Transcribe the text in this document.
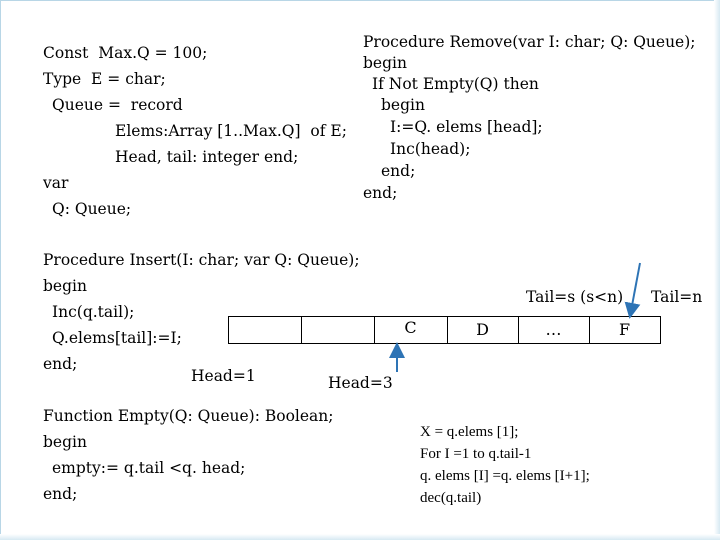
Const  Max.Q = 100;
Type  E = char;
Queue =  record
Elems:Array [1..Max.Q]  of E;
Head, tail: integer end;
var
Q: Queue;
Procedure Remove(var I: char; Q: Queue);
begin
If Not Empty(Q) then
begin
I:=Q. elems [head];
Inc(head);
end;
end;
Procedure Insert(I: char; var Q: Queue);
begin
Inc(q.tail);
Q.elems[tail]:=I;
end;
Tail=s (s<n) Tail=n
C	D	…	F
Head=1	Head=3
Function Empty(Q: Queue): Boolean;
begin
empty:= q.tail <q. head;
end;
X = q.elems [1];
For I =1 to q.tail-1
q. elems [I] =q. elems [I+1];
dec(q.tail)
